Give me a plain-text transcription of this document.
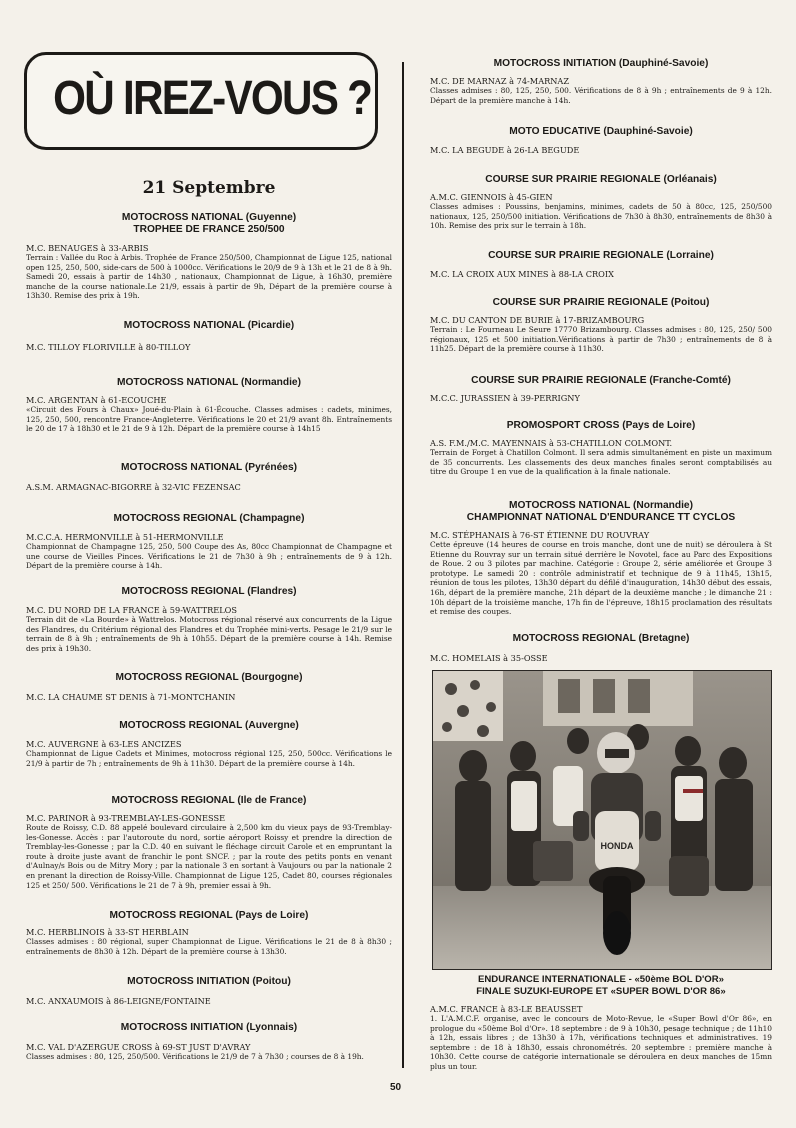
OÙ IREZ-VOUS ?
21 Septembre
MOTOCROSS NATIONAL (Guyenne)
TROPHEE DE FRANCE 250/500
M.C. BENAUGES à 33-ARBIS
Terrain : Vallée du Roc à Arbis. Trophée de France 250/500, Championnat de Ligue 125, national open 125, 250, 500, side-cars de 500 à 1000cc. Vérifications le 20/9 de 9 à 13h et le 21 de 8 à 9h. Samedi 20, essais à partir de 14h30 , nationaux, Championnat de Ligue, à 16h30, première manche de la course nationale.Le 21/9, essais à partir de 9h, Départ de la première course à 13h30. Remise des prix à 19h.
MOTOCROSS NATIONAL (Picardie)
M.C. TILLOY FLORIVILLE à 80-TILLOY
MOTOCROSS NATIONAL (Normandie)
M.C. ARGENTAN à 61-ECOUCHE
«Circuit des Fours à Chaux» Joué-du-Plain à 61-Écouche. Classes admises : cadets, minimes, 125, 250, 500, rencontre France-Angleterre. Vérifications le 20 et 21/9 avant 8h. Entraînements le 20 de 17 à 18h30 et le 21 de 9 à 12h. Départ de la première course à 14h15
MOTOCROSS NATIONAL (Pyrénées)
A.S.M. ARMAGNAC-BIGORRE à 32-VIC FEZENSAC
MOTOCROSS REGIONAL (Champagne)
M.C.C.A. HERMONVILLE à 51-HERMONVILLE
Championnat de Champagne 125, 250, 500 Coupe des As, 80cc Championnat de Champagne et une course de Vieilles Pinces. Vérifications le 21 de 7h30 à 9h ; entraînements de 9 à 12h. Départ de la première course à 14h.
MOTOCROSS REGIONAL (Flandres)
M.C. DU NORD DE LA FRANCE à 59-WATTRELOS
Terrain dit de «La Bourde» à Wattrelos. Motocross régional réservé aux concurrents de la Ligue des Flandres, du Critérium régional des Flandres et du Trophée mini-verts. Pesage le 21/9 sur le terrain de 8 à 9h ; entraînements de 9h à 10h55. Départ de la première course à 14h. Remise des prix à 19h30.
MOTOCROSS REGIONAL (Bourgogne)
M.C. LA CHAUME ST DENIS à 71-MONTCHANIN
MOTOCROSS REGIONAL (Auvergne)
M.C. AUVERGNE à 63-LES ANCIZES
Championnat de Ligue Cadets et Minimes, motocross régional 125, 250, 500cc. Vérifications le 21/9 à partir de 7h ; entraînements de 9h à 11h30. Départ de la première course à 14h.
MOTOCROSS REGIONAL (Ile de France)
M.C. PARINOR à 93-TREMBLAY-LES-GONESSE
Route de Roissy, C.D. 88 appelé boulevard circulaire à 2,500 km du vieux pays de 93-Tremblay-les-Gonesse. Accès : par l'autoroute du nord, sortie aéroport Roissy et prendre la direction de Tremblay-les-Gonesse ; par la C.D. 40 en suivant le fléchage circuit Carole et en empruntant la route à droite juste avant de franchir le pont SNCF. ; par la route des petits ponts en venant d'Aulnay/s Bois ou de Mitry Mory ; par la nationale 3 en sortant à Vaujours ou par la nationale 2 en prenant la direction de Roissy-Ville. Championnat de Ligue 125, Cadet 80, courses régionales 125 et 250/ 500. Vérifications le 21 de 7 à 9h, premier essai à 9h.
MOTOCROSS REGIONAL (Pays de Loire)
M.C. HERBLINOIS à 33-ST HERBLAIN
Classes admises : 80 régional, super Championnat de Ligue. Vérifications le 21 de 8 à 8h30 ; entraînements de 8h30 à 12h. Départ de la première course à 13h30.
MOTOCROSS INITIATION (Poitou)
M.C. ANXAUMOIS à 86-LEIGNE/FONTAINE
MOTOCROSS INITIATION (Lyonnais)
M.C. VAL D'AZERGUE CROSS à 69-ST JUST D'AVRAY
Classes admises : 80, 125, 250/500. Vérifications le 21/9 de 7 à 7h30 ; courses de 8 à 19h.
MOTOCROSS INITIATION (Dauphiné-Savoie)
M.C. DE MARNAZ à 74-MARNAZ
Classes admises : 80, 125, 250, 500. Vérifications de 8 à 9h ; entraînements de 9 à 12h. Départ de la première manche à 14h.
MOTO EDUCATIVE (Dauphiné-Savoie)
M.C. LA BEGUDE à 26-LA BEGUDE
COURSE SUR PRAIRIE REGIONALE (Orléanais)
A.M.C. GIENNOIS à 45-GIEN
Classes admises : Poussins, benjamins, minimes, cadets de 50 à 80cc, 125, 250/500 nationaux, 125, 250/500 initiation. Vérifications de 7h30 à 8h30, entraînements de 8h30 à 10h. Remise des prix sur le terrain à 18h.
COURSE SUR PRAIRIE REGIONALE (Lorraine)
M.C. LA CROIX AUX MINES à 88-LA CROIX
COURSE SUR PRAIRIE REGIONALE (Poitou)
M.C. DU CANTON DE BURIE à 17-BRIZAMBOURG
Terrain : Le Fourneau Le Seure 17770 Brizambourg. Classes admises : 80, 125, 250/ 500 régionaux, 125 et 500 initiation.Vérifications à partir de 7h30 ; entraînements de 8 à 11h25. Départ de la première course à 11h30.
COURSE SUR PRAIRIE REGIONALE (Franche-Comté)
M.C.C. JURASSIEN à 39-PERRIGNY
PROMOSPORT CROSS (Pays de Loire)
A.S. F.M./M.C. MAYENNAIS à 53-CHATILLON COLMONT.
Terrain de Forget à Chatillon Colmont. Il sera admis simultanément en piste un maximum de 35 concurrents. Les classements des deux manches finales seront comptabilisés au titre du Groupe 1 en vue de la qualification à la finale nationale.
MOTOCROSS NATIONAL (Normandie)
CHAMPIONNAT NATIONAL D'ENDURANCE TT CYCLOS
M.C. STÉPHANAIS à 76-ST ÉTIENNE DU ROUVRAY
Cette épreuve (14 heures de course en trois manche, dont une de nuit) se déroulera à St Etienne du Rouvray sur un terrain situé derrière le Novotel, face au Parc des Expositions de Roue. 2 ou 3 pilotes par machine. Catégorie : Groupe 2, série améliorée et Groupe 3 prototype. Le samedi 20 : contrôle administratif et technique de 9 à 11h45, 13h15, réunion de tous les pilotes, 13h30 départ du défilé d'inauguration, 14h30 début des essais, 16h, départ de la première manche, 21h départ de la deuxième manche ; le dimanche 21 : 10h départ de la troisième manche, 17h fin de l'épreuve, 18h15 proclamation des résultats et remise des coupes.
MOTOCROSS REGIONAL (Bretagne)
M.C. HOMELAIS à 35-OSSE
HONDA
ENDURANCE INTERNATIONALE - «50ème BOL D'OR»
FINALE SUZUKI-EUROPE ET «SUPER BOWL D'OR 86»
A.M.C. FRANCE à 83-LE BEAUSSET
1. L'A.M.C.F. organise, avec le concours de Moto-Revue, le «Super Bowl d'Or 86», en prologue du «50ème Bol d'Or». 18 septembre : de 9 à 10h30, pesage technique ; de 11h10 à 12h, essais libres ; de 13h30 à 17h, vérifications techniques et administratives. 19 septembre : de 18 à 18h30, essais chronométrés. 20 septembre : première manche à 10h30. Cette course de catégorie internationale se déroulera en deux manches de 15mn plus un tour.
50
